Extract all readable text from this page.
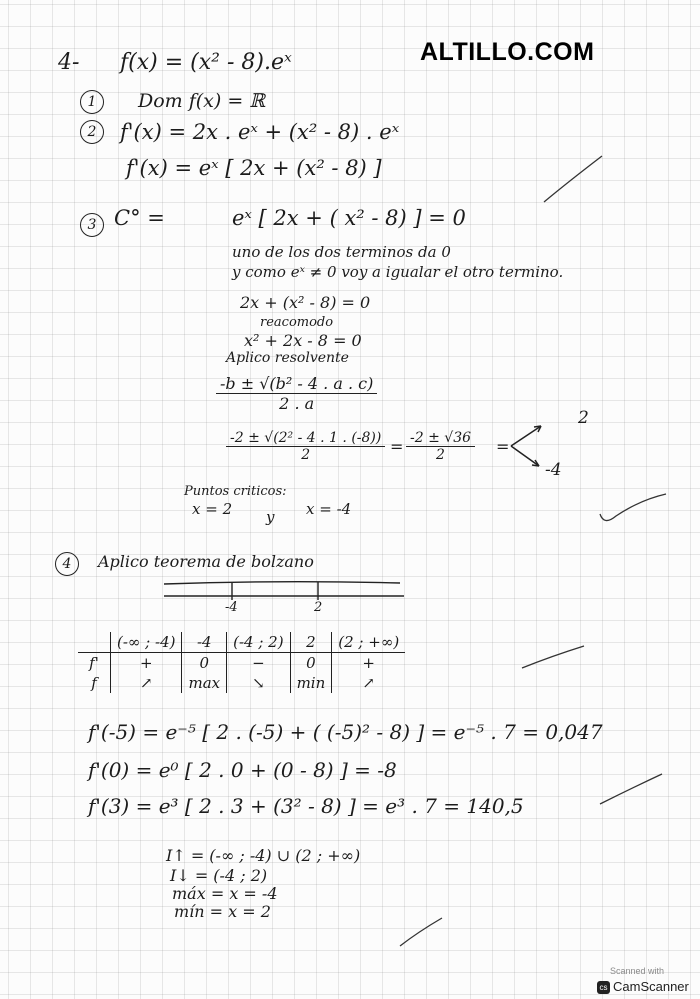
ALTILLO.COM
4- f(x) = (x² - 8).eˣ
1	Dom f(x) = ℝ
2	f'(x) = 2x . eˣ + (x² - 8) . eˣ
f'(x) = eˣ [ 2x + (x² - 8) ]
3 C° =	eˣ [ 2x + ( x² - 8) ] = 0
uno de los dos terminos da 0
y como eˣ ≠ 0 voy a igualar el otro termino.
2x + (x² - 8) = 0
reacomodo
x² + 2x - 8 = 0
Aplico resolvente
$\frac{\text{-b ± √(b² - 4 . a . c)}}{2 . a}$
$\frac{\text{-2 ± √(2² - 4 . 1 . (-8))}}{2} = \frac{-2 \pm √36}{2}$ =
2
-4
Puntos criticos:
x = 2 y x = -4
4	Aplico teorema de bolzano
-4	2
	(-∞ ; -4)	-4	(-4 ; 2)	2	(2 ; +∞)
f'	+	0	−	0	+
f	↗	max	↘	min	↗
f'(-5) = e⁻⁵ [ 2 . (-5) + ( (-5)² - 8) ] = e⁻⁵ . 7 = 0,047
f'(0) = e⁰ [ 2 . 0 + (0 - 8) ] = -8
f'(3) = e³ [ 2 . 3 + (3² - 8) ] = e³ . 7 = 140,5
I↑ = (-∞ ; -4) ∪ (2 ; +∞)
I↓ = (-4 ; 2)
máx = x = -4
mín = x = 2
Scanned with
cs CamScanner
